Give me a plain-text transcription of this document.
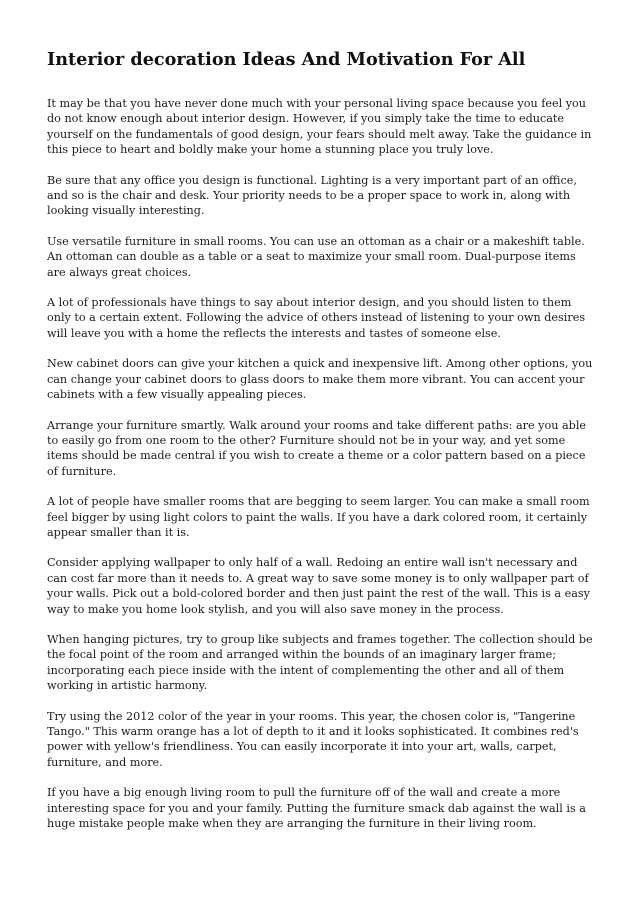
Interior decoration Ideas And Motivation For All

It may be that you have never done much with your personal living space because you feel you do not know enough about interior design. However, if you simply take the time to educate yourself on the fundamentals of good design, your fears should melt away. Take the guidance in this piece to heart and boldly make your home a stunning place you truly love.

Be sure that any office you design is functional. Lighting is a very important part of an office, and so is the chair and desk. Your priority needs to be a proper space to work in, along with looking visually interesting.

Use versatile furniture in small rooms. You can use an ottoman as a chair or a makeshift table. An ottoman can double as a table or a seat to maximize your small room. Dual-purpose items are always great choices.

A lot of professionals have things to say about interior design, and you should listen to them only to a certain extent. Following the advice of others instead of listening to your own desires will leave you with a home the reflects the interests and tastes of someone else.

New cabinet doors can give your kitchen a quick and inexpensive lift. Among other options, you can change your cabinet doors to glass doors to make them more vibrant. You can accent your cabinets with a few visually appealing pieces.

Arrange your furniture smartly. Walk around your rooms and take different paths: are you able to easily go from one room to the other? Furniture should not be in your way, and yet some items should be made central if you wish to create a theme or a color pattern based on a piece of furniture.

A lot of people have smaller rooms that are begging to seem larger. You can make a small room feel bigger by using light colors to paint the walls. If you have a dark colored room, it certainly appear smaller than it is.

Consider applying wallpaper to only half of a wall. Redoing an entire wall isn't necessary and can cost far more than it needs to. A great way to save some money is to only wallpaper part of your walls. Pick out a bold-colored border and then just paint the rest of the wall. This is a easy way to make you home look stylish, and you will also save money in the process.

When hanging pictures, try to group like subjects and frames together. The collection should be the focal point of the room and arranged within the bounds of an imaginary larger frame; incorporating each piece inside with the intent of complementing the other and all of them working in artistic harmony.

Try using the 2012 color of the year in your rooms. This year, the chosen color is, "Tangerine Tango." This warm orange has a lot of depth to it and it looks sophisticated. It combines red's power with yellow's friendliness. You can easily incorporate it into your art, walls, carpet, furniture, and more.

If you have a big enough living room to pull the furniture off of the wall and create a more interesting space for you and your family. Putting the furniture smack dab against the wall is a huge mistake people make when they are arranging the furniture in their living room.
